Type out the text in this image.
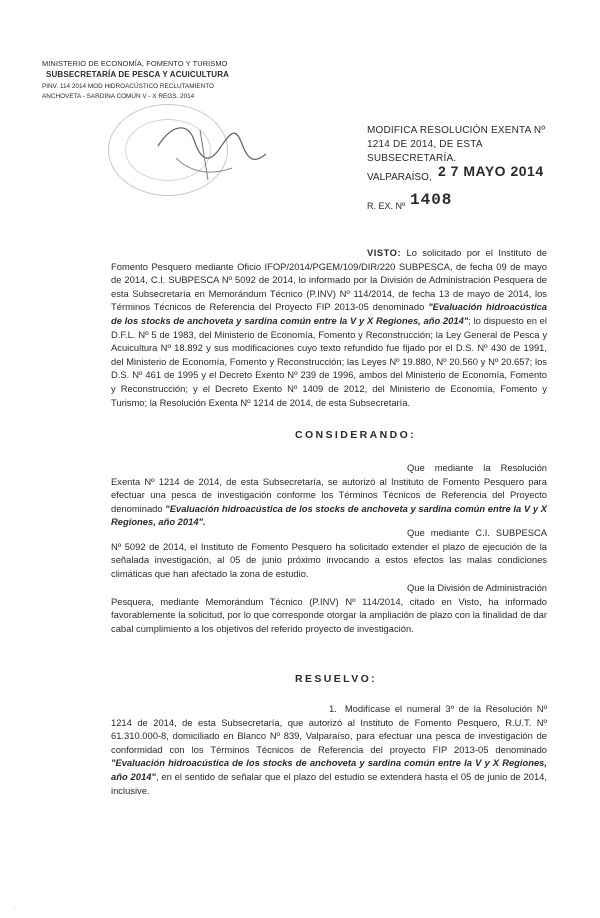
MINISTERIO DE ECONOMÍA, FOMENTO Y TURISMO
SUBSECRETARÍA DE PESCA Y ACUICULTURA
PINV. 114 2014 MOD HIDROACÚSTICO RECLUTAMIENTO
ANCHOVETA - SARDINA COMÚN V - X REGS. 2014
MODIFICA RESOLUCIÓN EXENTA Nº 1214 DE 2014, DE ESTA SUBSECRETARÍA.
VALPARAÍSO, 2 7 MAYO 2014
R. EX. Nº 1408
VISTO: Lo solicitado por el Instituto de Fomento Pesquero mediante Oficio IFOP/2014/PGEM/109/DIR/220 SUBPESCA, de fecha 09 de mayo de 2014, C.I. SUBPESCA Nº 5092 de 2014, lo informado por la División de Administración Pesquera de esta Subsecretaría en Memorándum Técnico (P.INV) Nº 114/2014, de fecha 13 de mayo de 2014, los Términos Técnicos de Referencia del Proyecto FIP 2013-05 denominado "Evaluación hidroacústica de los stocks de anchoveta y sardina común entre la V y X Regiones, año 2014"; lo dispuesto en el D.F.L. Nº 5 de 1983, del Ministerio de Economía, Fomento y Reconstrucción; la Ley General de Pesca y Acuicultura Nº 18.892 y sus modificaciones cuyo texto refundido fue fijado por el D.S. Nº 430 de 1991, del Ministerio de Economía, Fomento y Reconstrucción; las Leyes Nº 19.880, Nº 20.560 y Nº 20.657; los D.S. Nº 461 de 1995 y el Decreto Exento Nº 239 de 1996, ambos del Ministerio de Economía, Fomento y Reconstrucción; y el Decreto Exento Nº 1409 de 2012, del Ministerio de Economía, Fomento y Turismo; la Resolución Exenta Nº 1214 de 2014, de esta Subsecretaría.
CONSIDERANDO:
Que mediante la Resolución Exenta Nº 1214 de 2014, de esta Subsecretaría, se autorizó al Instituto de Fomento Pesquero para efectuar una pesca de investigación conforme los Términos Técnicos de Referencia del Proyecto denominado "Evaluación hidroacústica de los stocks de anchoveta y sardina común entre la V y X Regiones, año 2014".
Que mediante C.I. SUBPESCA Nº 5092 de 2014, el Instituto de Fomento Pesquero ha solicitado extender el plazo de ejecución de la señalada investigación, al 05 de junio próximo invocando a estos efectos las malas condiciones climáticas que han afectado la zona de estudio.
Que la División de Administración Pesquera, mediante Memorándum Técnico (P.INV) Nº 114/2014, citado en Visto, ha informado favorablemente la solicitud, por lo que corresponde otorgar la ampliación de plazo con la finalidad de dar cabal cumplimiento a los objetivos del referido proyecto de investigación.
RESUELVO:
1. Modifícase el numeral 3º de la Resolución Nº 1214 de 2014, de esta Subsecretaría, que autorizó al Instituto de Fomento Pesquero, R.U.T. Nº 61.310.000-8, domiciliado en Blanco Nº 839, Valparaíso, para efectuar una pesca de investigación de conformidad con los Términos Técnicos de Referencia del proyecto FIP 2013-05 denominado "Evaluación hidroacústica de los stocks de anchoveta y sardina común entre la V y X Regiones, año 2014", en el sentido de señalar que el plazo del estudio se extenderá hasta el 05 de junio de 2014, inclusive.
·
